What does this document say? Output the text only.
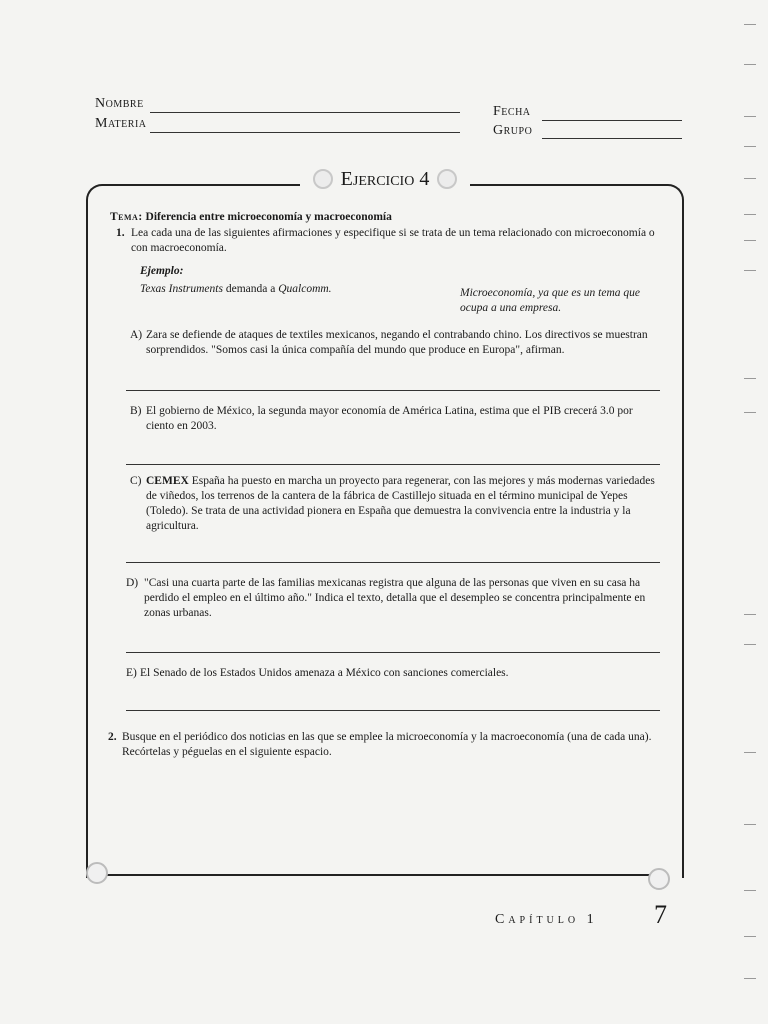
Nombre
Materia
Fecha
Grupo
Ejercicio 4
Tema: Diferencia entre microeconomía y macroeconomía
1. Lea cada una de las siguientes afirmaciones y especifique si se trata de un tema relacionado con microeconomía o con macroeconomía.
Ejemplo:
Texas Instruments demanda a Qualcomm.	Microeconomía, ya que es un tema que ocupa a una empresa.
A) Zara se defiende de ataques de textiles mexicanos, negando el contrabando chino. Los directivos se muestran sorprendidos. "Somos casi la única compañía del mundo que produce en Europa", afirman.
B) El gobierno de México, la segunda mayor economía de América Latina, estima que el PIB crecerá 3.0 por ciento en 2003.
C) CEMEX España ha puesto en marcha un proyecto para regenerar, con las mejores y más modernas variedades de viñedos, los terrenos de la cantera de la fábrica de Castillejo situada en el término municipal de Yepes (Toledo). Se trata de una actividad pionera en España que demuestra la convivencia entre la industria y la agricultura.
D) "Casi una cuarta parte de las familias mexicanas registra que alguna de las personas que viven en su casa ha perdido el empleo en el último año." Indica el texto, detalla que el desempleo se concentra principalmente en zonas urbanas.
E) El Senado de los Estados Unidos amenaza a México con sanciones comerciales.
2. Busque en el periódico dos noticias en las que se emplee la microeconomía y la macroeconomía (una de cada una). Recórtelas y péguelas en el siguiente espacio.
Capítulo 1 7
